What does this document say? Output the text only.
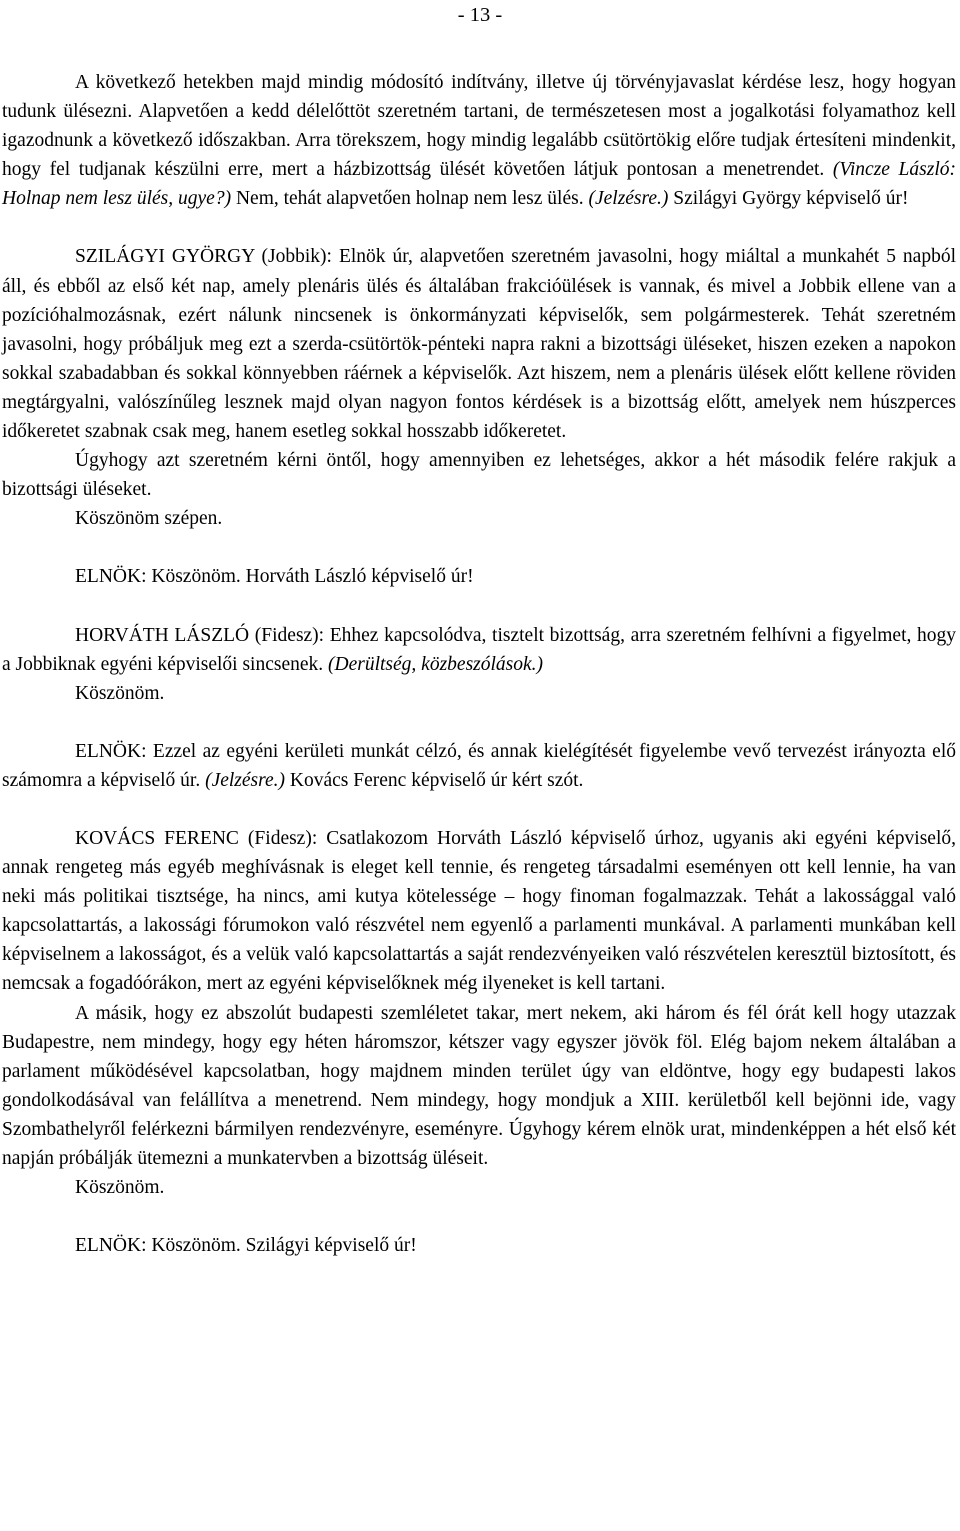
- 13 -

A következő hetekben majd mindig módosító indítvány, illetve új törvényjavaslat kérdése lesz, hogy hogyan tudunk ülésezni. Alapvetően a kedd délelőttöt szeretném tartani, de természetesen most a jogalkotási folyamathoz kell igazodnunk a következő időszakban. Arra törekszem, hogy mindig legalább csütörtökig előre tudjak értesíteni mindenkit, hogy fel tudjanak készülni erre, mert a házbizottság ülését követően látjuk pontosan a menetrendet. (Vincze László: Holnap nem lesz ülés, ugye?) Nem, tehát alapvetően holnap nem lesz ülés. (Jelzésre.) Szilágyi György képviselő úr!

SZILÁGYI GYÖRGY (Jobbik): Elnök úr, alapvetően szeretném javasolni, hogy miáltal a munkahét 5 napból áll, és ebből az első két nap, amely plenáris ülés és általában frakcióülések is vannak, és mivel a Jobbik ellene van a pozícióhalmozásnak, ezért nálunk nincsenek is önkormányzati képviselők, sem polgármesterek. Tehát szeretném javasolni, hogy próbáljuk meg ezt a szerda-csütörtök-pénteki napra rakni a bizottsági üléseket, hiszen ezeken a napokon sokkal szabadabban és sokkal könnyebben ráérnek a képviselők. Azt hiszem, nem a plenáris ülések előtt kellene röviden megtárgyalni, valószínűleg lesznek majd olyan nagyon fontos kérdések is a bizottság előtt, amelyek nem húszperces időkeretet szabnak csak meg, hanem esetleg sokkal hosszabb időkeretet.

Úgyhogy azt szeretném kérni öntől, hogy amennyiben ez lehetséges, akkor a hét második felére rakjuk a bizottsági üléseket.

Köszönöm szépen.

ELNÖK: Köszönöm. Horváth László képviselő úr!

HORVÁTH LÁSZLÓ (Fidesz): Ehhez kapcsolódva, tisztelt bizottság, arra szeretném felhívni a figyelmet, hogy a Jobbiknak egyéni képviselői sincsenek. (Derültség, közbeszólások.)

Köszönöm.

ELNÖK: Ezzel az egyéni kerületi munkát célzó, és annak kielégítését figyelembe vevő tervezést irányozta elő számomra a képviselő úr. (Jelzésre.) Kovács Ferenc képviselő úr kért szót.

KOVÁCS FERENC (Fidesz): Csatlakozom Horváth László képviselő úrhoz, ugyanis aki egyéni képviselő, annak rengeteg más egyéb meghívásnak is eleget kell tennie, és rengeteg társadalmi eseményen ott kell lennie, ha van neki más politikai tisztsége, ha nincs, ami kutya kötelessége – hogy finoman fogalmazzak. Tehát a lakossággal való kapcsolattartás, a lakossági fórumokon való részvétel nem egyenlő a parlamenti munkával. A parlamenti munkában kell képviselnem a lakosságot, és a velük való kapcsolattartás a saját rendezvényeiken való részvételen keresztül biztosított, és nemcsak a fogadóórákon, mert az egyéni képviselőknek még ilyeneket is kell tartani.

A másik, hogy ez abszolút budapesti szemléletet takar, mert nekem, aki három és fél órát kell hogy utazzak Budapestre, nem mindegy, hogy egy héten háromszor, kétszer vagy egyszer jövök föl. Elég bajom nekem általában a parlament működésével kapcsolatban, hogy majdnem minden terület úgy van eldöntve, hogy egy budapesti lakos gondolkodásával van felállítva a menetrend. Nem mindegy, hogy mondjuk a XIII. kerületből kell bejönni ide, vagy Szombathelyről felérkezni bármilyen rendezvényre, eseményre. Úgyhogy kérem elnök urat, mindenképpen a hét első két napján próbálják ütemezni a munkatervben a bizottság üléseit.

Köszönöm.

ELNÖK: Köszönöm. Szilágyi képviselő úr!
